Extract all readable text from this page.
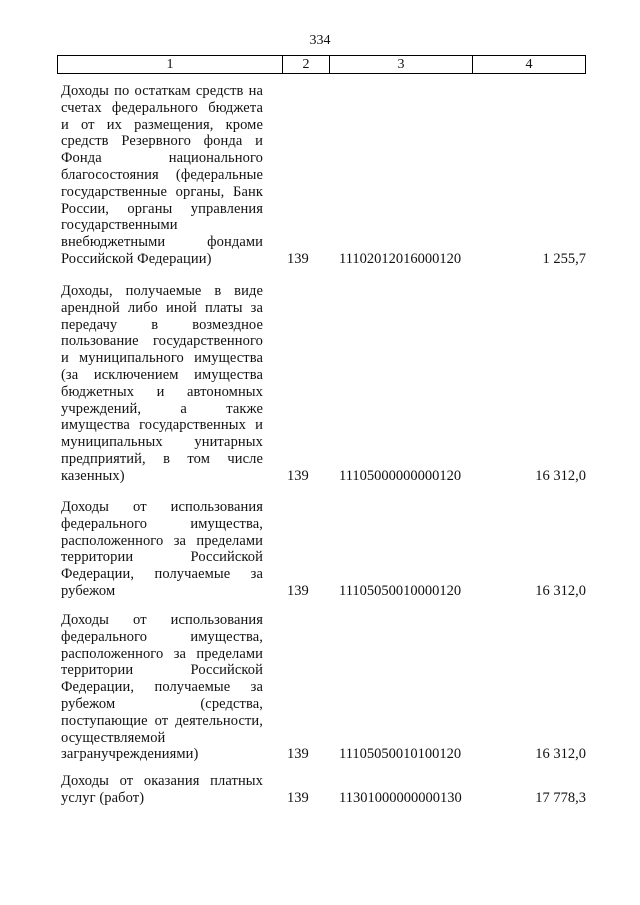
334
1	2	3	4
Доходы по остаткам средств на
счетах федерального бюджета
и от их размещения, кроме
средств Резервного фонда и
Фонда национального
благосостояния (федеральные
государственные органы, Банк
России, органы управления
государственными
внебюджетными фондами
Российской Федерации)	139 11102012016000120	1 255,7
Доходы, получаемые в виде
арендной либо иной платы за
передачу в возмездное
пользование государственного
и муниципального имущества
(за исключением имущества
бюджетных и автономных
учреждений, а также
имущества государственных и
муниципальных унитарных
предприятий, в том числе
казенных)	139 11105000000000120	16 312,0
Доходы от использования
федерального имущества,
расположенного за пределами
территории Российской
Федерации, получаемые за
рубежом	139 11105050010000120	16 312,0
Доходы от использования
федерального имущества,
расположенного за пределами
территории Российской
Федерации, получаемые за
рубежом (средства,
поступающие от деятельности,
осуществляемой
загранучреждениями)	139 11105050010100120	16 312,0
Доходы от оказания платных
услуг (работ)	139 11301000000000130	17 778,3
